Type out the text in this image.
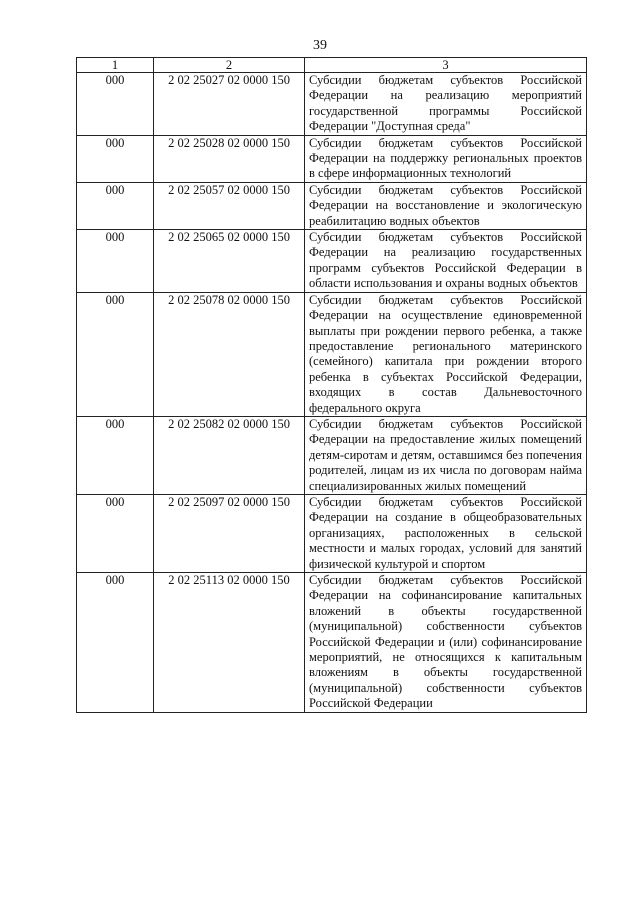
39
1	2	3
000	2 02 25027 02 0000 150	Субсидии бюджетам субъектов Российской Федерации на реализацию мероприятий государственной программы Российской Федерации "Доступная среда"
000	2 02 25028 02 0000 150	Субсидии бюджетам субъектов Российской Федерации на поддержку региональных проектов в сфере информационных технологий
000	2 02 25057 02 0000 150	Субсидии бюджетам субъектов Российской Федерации на восстановление и экологическую реабилитацию водных объектов
000	2 02 25065 02 0000 150	Субсидии бюджетам субъектов Российской Федерации на реализацию государственных программ субъектов Российской Федерации в области использования и охраны водных объектов
000	2 02 25078 02 0000 150	Субсидии бюджетам субъектов Российской Федерации на осуществление единовременной выплаты при рождении первого ребенка, а также предоставление регионального материнского (семейного) капитала при рождении второго ребенка в субъектах Российской Федерации, входящих в состав Дальневосточного федерального округа
000	2 02 25082 02 0000 150	Субсидии бюджетам субъектов Российской Федерации на предоставление жилых помещений детям-сиротам и детям, оставшимся без попечения родителей, лицам из их числа по договорам найма специализированных жилых помещений
000	2 02 25097 02 0000 150	Субсидии бюджетам субъектов Российской Федерации на создание в общеобразовательных организациях, расположенных в сельской местности и малых городах, условий для занятий физической культурой и спортом
000	2 02 25113 02 0000 150	Субсидии бюджетам субъектов Российской Федерации на софинансирование капитальных вложений в объекты государственной (муниципальной) собственности субъектов Российской Федерации и (или) софинансирование мероприятий, не относящихся к капитальным вложениям в объекты государственной (муниципальной) собственности субъектов Российской Федерации
